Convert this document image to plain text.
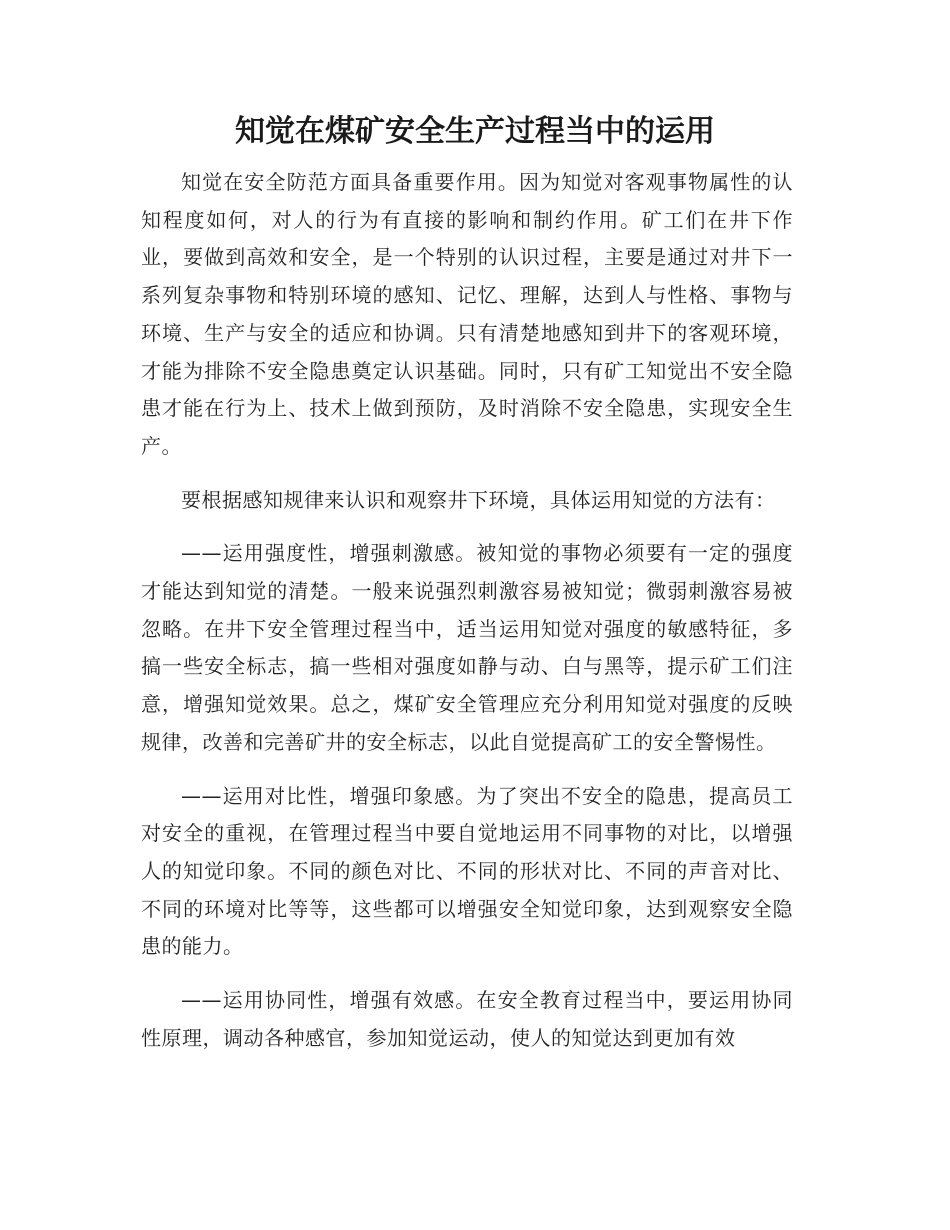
知觉在煤矿安全生产过程当中的运用

知觉在安全防范方面具备重要作用。因为知觉对客观事物属性的认知程度如何，对人的行为有直接的影响和制约作用。矿工们在井下作业，要做到高效和安全，是一个特别的认识过程，主要是通过对井下一系列复杂事物和特别环境的感知、记忆、理解，达到人与性格、事物与环境、生产与安全的适应和协调。只有清楚地感知到井下的客观环境，才能为排除不安全隐患奠定认识基础。同时，只有矿工知觉出不安全隐患才能在行为上、技术上做到预防，及时消除不安全隐患，实现安全生产。

要根据感知规律来认识和观察井下环境，具体运用知觉的方法有：

——运用强度性，增强刺激感。被知觉的事物必须要有一定的强度才能达到知觉的清楚。一般来说强烈刺激容易被知觉；微弱刺激容易被忽略。在井下安全管理过程当中，适当运用知觉对强度的敏感特征，多搞一些安全标志，搞一些相对强度如静与动、白与黑等，提示矿工们注意，增强知觉效果。总之，煤矿安全管理应充分利用知觉对强度的反映规律，改善和完善矿井的安全标志，以此自觉提高矿工的安全警惕性。

——运用对比性，增强印象感。为了突出不安全的隐患，提高员工对安全的重视，在管理过程当中要自觉地运用不同事物的对比，以增强人的知觉印象。不同的颜色对比、不同的形状对比、不同的声音对比、不同的环境对比等等，这些都可以增强安全知觉印象，达到观察安全隐患的能力。

——运用协同性，增强有效感。在安全教育过程当中，要运用协同性原理，调动各种感官，参加知觉运动，使人的知觉达到更加有效
